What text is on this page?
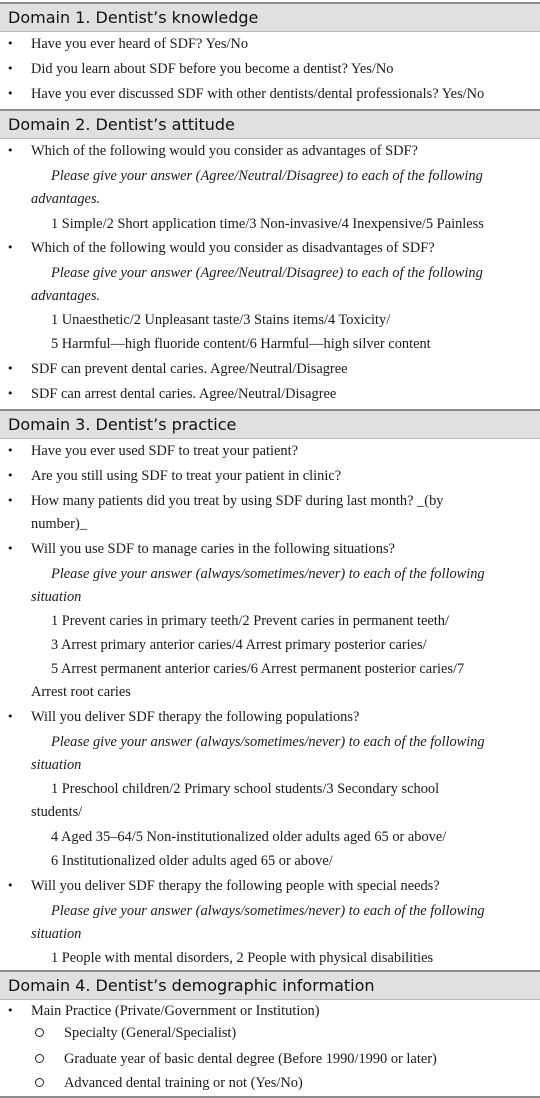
Domain 1. Dentist’s knowledge
• Have you ever heard of SDF? Yes/No
• Did you learn about SDF before you become a dentist? Yes/No
• Have you ever discussed SDF with other dentists/dental professionals? Yes/No
Domain 2. Dentist’s attitude
• Which of the following would you consider as advantages of SDF?
Please give your answer (Agree/Neutral/Disagree) to each of the following
advantages.
1 Simple/2 Short application time/3 Non-invasive/4 Inexpensive/5 Painless
• Which of the following would you consider as disadvantages of SDF?
Please give your answer (Agree/Neutral/Disagree) to each of the following
advantages.
1 Unaesthetic/2 Unpleasant taste/3 Stains items/4 Toxicity/
5 Harmful—high fluoride content/6 Harmful—high silver content
• SDF can prevent dental caries. Agree/Neutral/Disagree
• SDF can arrest dental caries. Agree/Neutral/Disagree
Domain 3. Dentist’s practice
• Have you ever used SDF to treat your patient?
• Are you still using SDF to treat your patient in clinic?
• How many patients did you treat by using SDF during last month? _(by
number)_
• Will you use SDF to manage caries in the following situations?
Please give your answer (always/sometimes/never) to each of the following
situation
1 Prevent caries in primary teeth/2 Prevent caries in permanent teeth/
3 Arrest primary anterior caries/4 Arrest primary posterior caries/
5 Arrest permanent anterior caries/6 Arrest permanent posterior caries/7
Arrest root caries
• Will you deliver SDF therapy the following populations?
Please give your answer (always/sometimes/never) to each of the following
situation
1 Preschool children/2 Primary school students/3 Secondary school
students/
4 Aged 35–64/5 Non-institutionalized older adults aged 65 or above/
6 Institutionalized older adults aged 65 or above/
• Will you deliver SDF therapy the following people with special needs?
Please give your answer (always/sometimes/never) to each of the following
situation
1 People with mental disorders, 2 People with physical disabilities
Domain 4. Dentist’s demographic information
• Main Practice (Private/Government or Institution)
Specialty (General/Specialist)
Graduate year of basic dental degree (Before 1990/1990 or later)
Advanced dental training or not (Yes/No)
